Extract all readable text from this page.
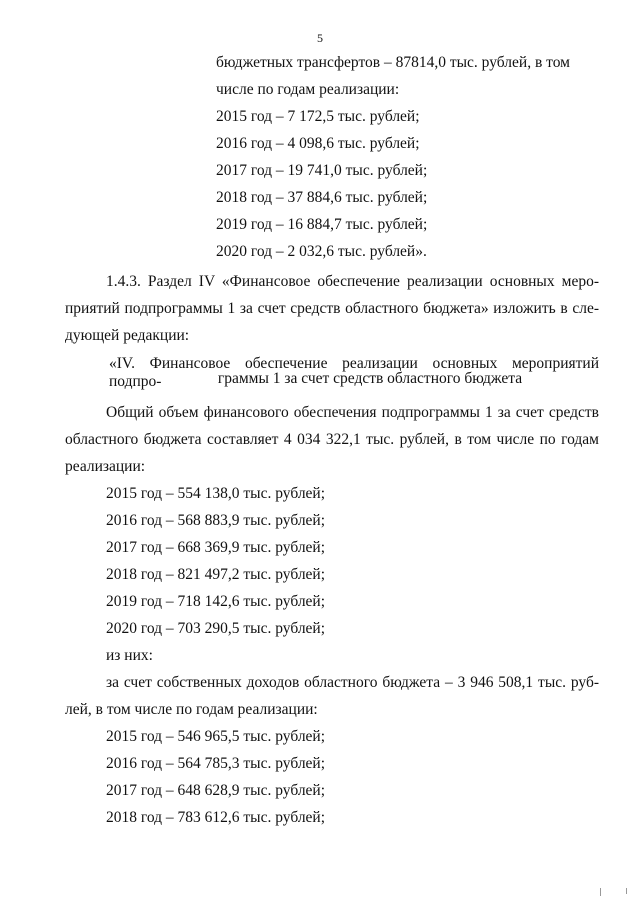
5
бюджетных трансфертов – 87814,0 тыс. рублей, в том
числе по годам реализации:
2015 год – 7 172,5 тыс. рублей;
2016 год – 4 098,6 тыс. рублей;
2017 год – 19 741,0 тыс. рублей;
2018 год – 37 884,6 тыс. рублей;
2019 год – 16 884,7 тыс. рублей;
2020 год – 2 032,6 тыс. рублей».
1.4.3. Раздел IV «Финансовое обеспечение реализации основных меро-
приятий подпрограммы 1 за счет средств областного бюджета» изложить в сле-
дующей редакции:
«IV. Финансовое обеспечение реализации основных мероприятий подпро-	граммы 1 за счет средств областного бюджета
Общий объем финансового обеспечения подпрограммы 1 за счет средств
областного бюджета составляет 4 034 322,1 тыс. рублей, в том числе по годам
реализации:
2015 год – 554 138,0 тыс. рублей;
2016 год – 568 883,9 тыс. рублей;
2017 год – 668 369,9 тыс. рублей;
2018 год – 821 497,2 тыс. рублей;
2019 год – 718 142,6 тыс. рублей;
2020 год – 703 290,5 тыс. рублей;
из них:
за счет собственных доходов областного бюджета – 3 946 508,1 тыс. руб-
лей, в том числе по годам реализации:
2015 год – 546 965,5 тыс. рублей;
2016 год – 564 785,3 тыс. рублей;
2017 год – 648 628,9 тыс. рублей;
2018 год – 783 612,6 тыс. рублей;
